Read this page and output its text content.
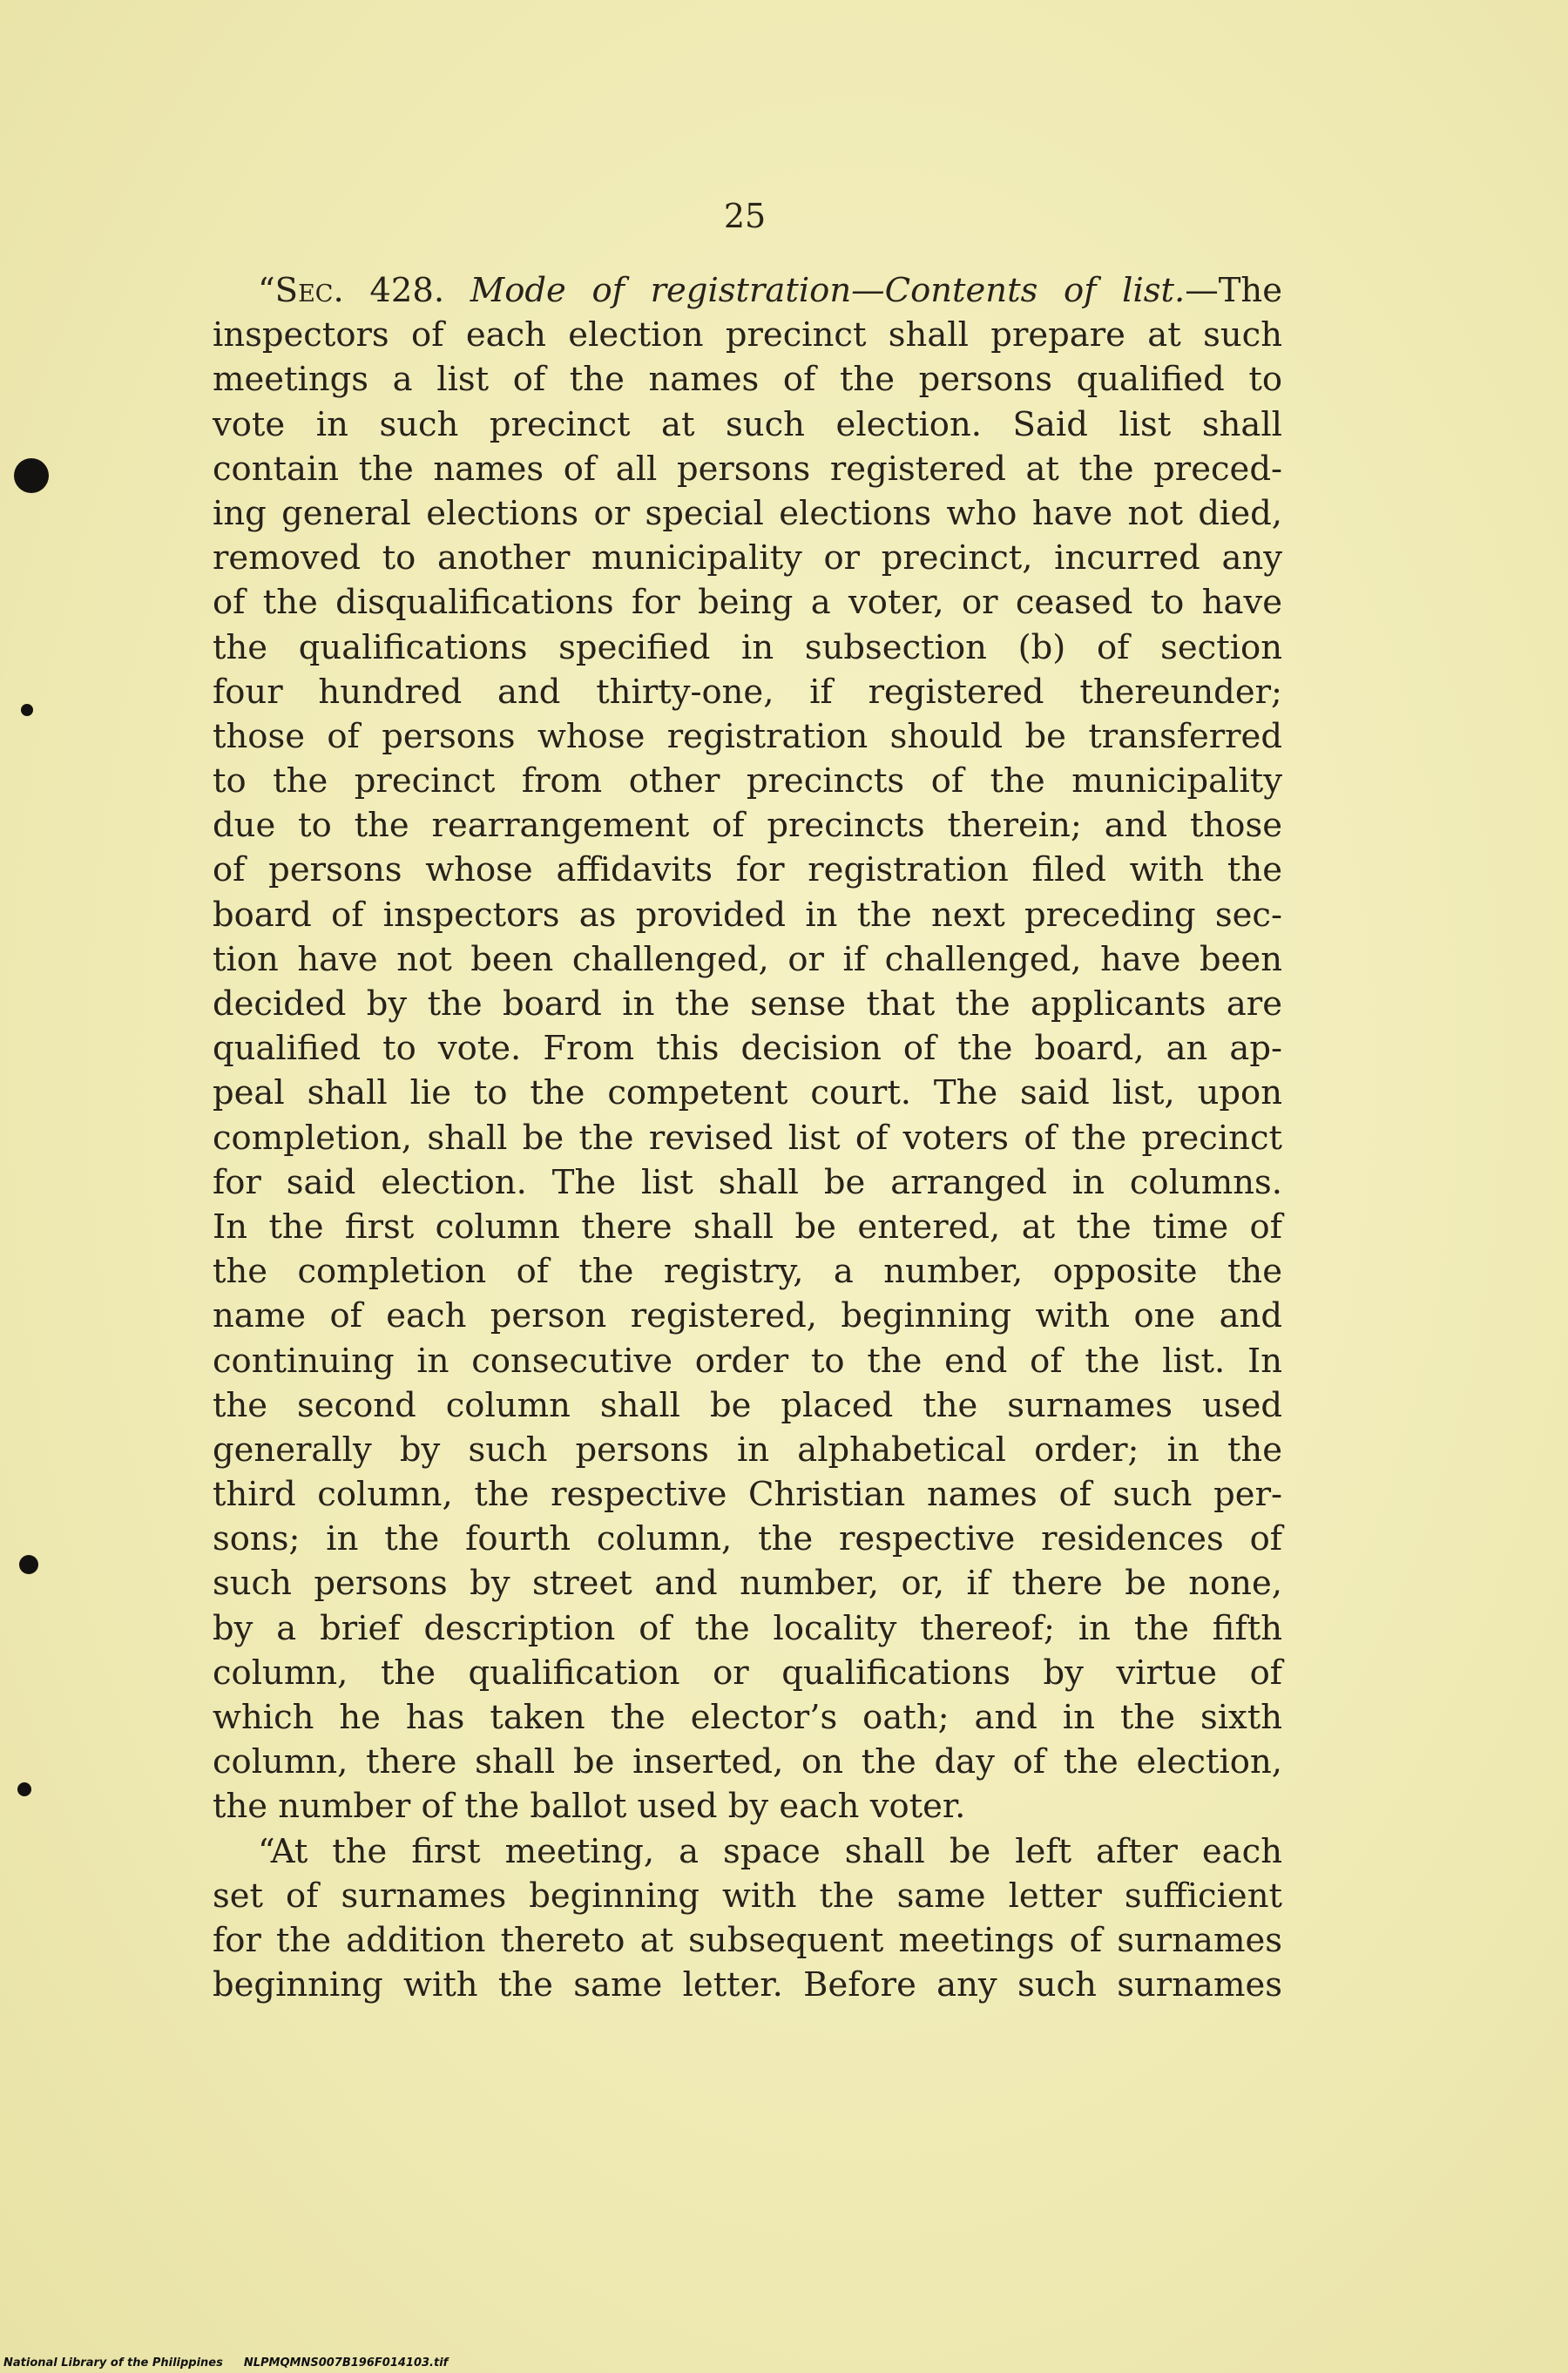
25
“Sec. 428. Mode of registration—Contents of list.—The
inspectors of each election precinct shall prepare at such
meetings a list of the names of the persons qualified to
vote in such precinct at such election. Said list shall
contain the names of all persons registered at the preced-
ing general elections or special elections who have not died,
removed to another municipality or precinct, incurred any
of the disqualifications for being a voter, or ceased to have
the qualifications specified in subsection (b) of section
four hundred and thirty-one, if registered thereunder;
those of persons whose registration should be transferred
to the precinct from other precincts of the municipality
due to the rearrangement of precincts therein; and those
of persons whose affidavits for registration filed with the
board of inspectors as provided in the next preceding sec-
tion have not been challenged, or if challenged, have been
decided by the board in the sense that the applicants are
qualified to vote. From this decision of the board, an ap-
peal shall lie to the competent court. The said list, upon
completion, shall be the revised list of voters of the precinct
for said election. The list shall be arranged in columns.
In the first column there shall be entered, at the time of
the completion of the registry, a number, opposite the
name of each person registered, beginning with one and
continuing in consecutive order to the end of the list. In
the second column shall be placed the surnames used
generally by such persons in alphabetical order; in the
third column, the respective Christian names of such per-
sons; in the fourth column, the respective residences of
such persons by street and number, or, if there be none,
by a brief description of the locality thereof; in the fifth
column, the qualification or qualifications by virtue of
which he has taken the elector’s oath; and in the sixth
column, there shall be inserted, on the day of the election,
the number of the ballot used by each voter.
“At the first meeting, a space shall be left after each
set of surnames beginning with the same letter sufficient
for the addition thereto at subsequent meetings of surnames
beginning with the same letter. Before any such surnames
National Library of the Philippines NLPMQMNS007B196F014103.tif
